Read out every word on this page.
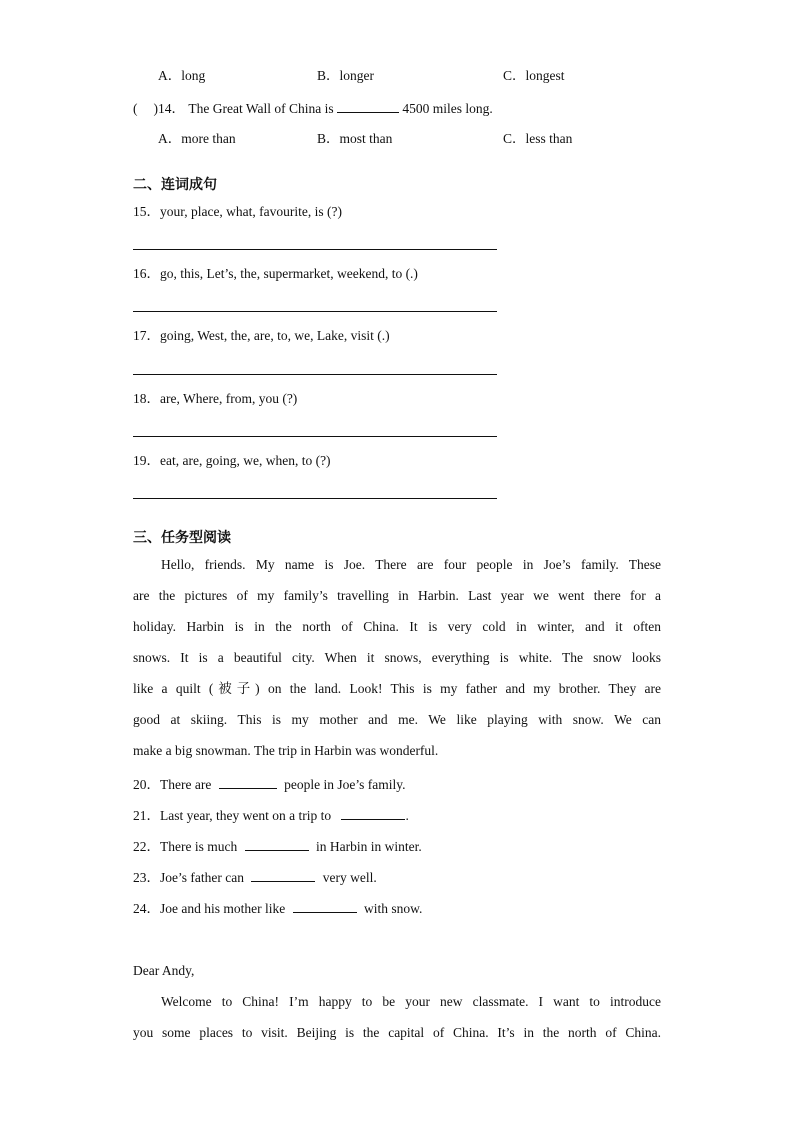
A．long	B．longer	C．longest
( )14． The Great Wall of China is	4500 miles long.
A．more than	B．most than	C．less than
二、连词成句
15．your, place, what, favourite, is (?)
16．go, this, Let’s, the, supermarket, weekend, to (.)
17．going, West, the, are, to, we, Lake, visit (.)
18．are, Where, from, you (?)
19．eat, are, going, we, when, to (?)
三、任务型阅读
Hello, friends. My name is Joe. There are four people in Joe’s family. These
are the pictures of my family’s travelling in Harbin. Last year we went there for a
holiday. Harbin is in the north of China. It is very cold in winter, and it often
snows. It is a beautiful city. When it snows, everything is white. The snow looks
like a quilt (被子) on the land. Look! This is my father and my brother. They are
good at skiing. This is my mother and me. We like playing with snow. We can
make a big snowman. The trip in Harbin was wonderful.
20．There are	people in Joe’s family.
21．Last year, they went on a trip to	.
22．There is much	in Harbin in winter.
23．Joe’s father can	very well.
24．Joe and his mother like	with snow.
Dear Andy,
Welcome to China! I’m happy to be your new classmate. I want to introduce
you some places to visit. Beijing is the capital of China. It’s in the north of China.
